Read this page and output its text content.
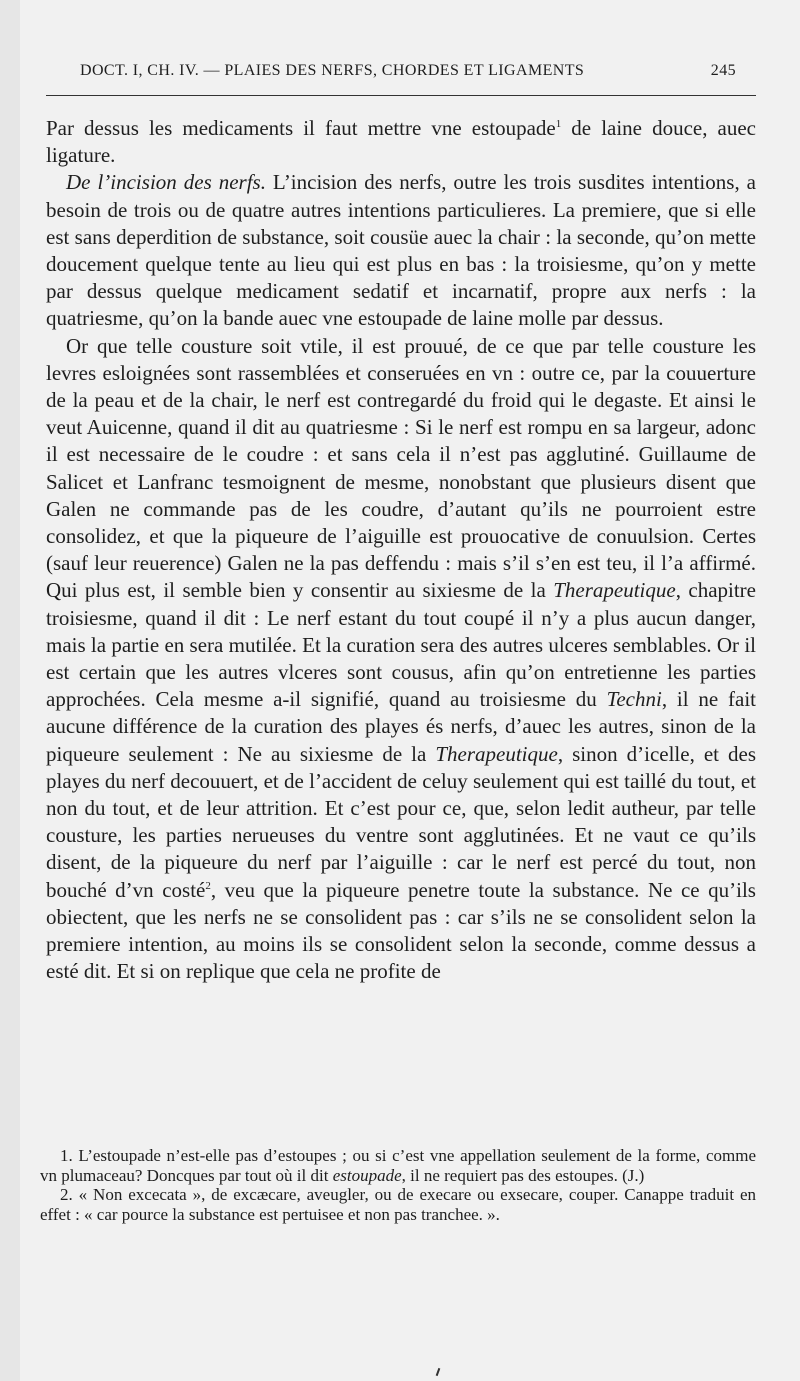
DOCT. I, CH. IV. — PLAIES DES NERFS, CHORDES ET LIGAMENTS	245

Par dessus les medicaments il faut mettre vne estoupade$^1$ de laine douce, auec ligature.

De l’incision des nerfs. L’incision des nerfs, outre les trois susdites intentions, a besoin de trois ou de quatre autres intentions particulieres. La premiere, que si elle est sans deperdition de substance, soit cousüe auec la chair : la seconde, qu’on mette doucement quelque tente au lieu qui est plus en bas : la troisiesme, qu’on y mette par dessus quelque medicament sedatif et incarnatif, propre aux nerfs : la quatriesme, qu’on la bande auec vne estoupade de laine molle par dessus.

Or que telle cousture soit vtile, il est prouué, de ce que par telle cousture les levres esloignées sont rassemblées et conseruées en vn : outre ce, par la couuerture de la peau et de la chair, le nerf est contregardé du froid qui le degaste. Et ainsi le veut Auicenne, quand il dit au quatriesme : Si le nerf est rompu en sa largeur, adonc il est necessaire de le coudre : et sans cela il n’est pas agglutiné. Guillaume de Salicet et Lanfranc tesmoignent de mesme, nonobstant que plusieurs disent que Galen ne commande pas de les coudre, d’autant qu’ils ne pourroient estre consolidez, et que la piqueure de l’aiguille est prouocative de conuulsion. Certes (sauf leur reuerence) Galen ne la pas deffendu : mais s’il s’en est teu, il l’a affirmé. Qui plus est, il semble bien y consentir au sixiesme de la Therapeutique, chapitre troisiesme, quand il dit : Le nerf estant du tout coupé il n’y a plus aucun danger, mais la partie en sera mutilée. Et la curation sera des autres ulceres semblables. Or il est certain que les autres vlceres sont cousus, afin qu’on entretienne les parties approchées. Cela mesme a-il signifié, quand au troisiesme du Techni, il ne fait aucune différence de la curation des playes és nerfs, d’auec les autres, sinon de la piqueure seulement : Ne au sixiesme de la Therapeutique, sinon d’icelle, et des playes du nerf decouuert, et de l’accident de celuy seulement qui est taillé du tout, et non du tout, et de leur attrition. Et c’est pour ce, que, selon ledit autheur, par telle cousture, les parties nerueuses du ventre sont agglutinées. Et ne vaut ce qu’ils disent, de la piqueure du nerf par l’aiguille : car le nerf est percé du tout, non bouché d’vn costé$^2$, veu que la piqueure penetre toute la substance. Ne ce qu’ils obiectent, que les nerfs ne se consolident pas : car s’ils ne se consolident selon la premiere intention, au moins ils se consolident selon la seconde, comme dessus a esté dit. Et si on replique que cela ne profite de

1. L’estoupade n’est-elle pas d’estoupes ; ou si c’est vne appellation seulement de la forme, comme vn plumaceau? Doncques par tout où il dit estoupade, il ne requiert pas des estoupes. (J.)

2. « Non excecata », de excæcare, aveugler, ou de execare ou exsecare, couper. Canappe traduit en effet : « car pource la substance est pertuisee et non pas tranchee. ».
